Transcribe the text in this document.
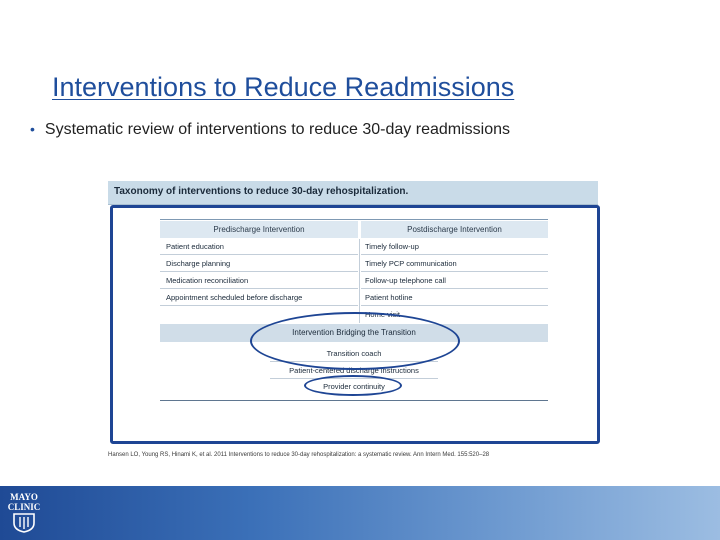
Interventions to Reduce Readmissions
• Systematic review of interventions to reduce 30-day readmissions
Taxonomy of interventions to reduce 30-day rehospitalization.
Predischarge Intervention	Postdischarge Intervention
Patient education
Discharge planning
Medication reconciliation
Appointment scheduled before discharge
Timely follow-up
Timely PCP communication
Follow-up telephone call
Patient hotline
Home visit
Intervention Bridging the Transition
Transition coach
Patient-centered discharge instructions
Provider continuity
Hansen LO, Young RS, Hinami K, et al. 2011 Interventions to reduce 30-day rehospitalization: a systematic review. Ann Intern Med. 155:520–28
MAYO
CLINIC
